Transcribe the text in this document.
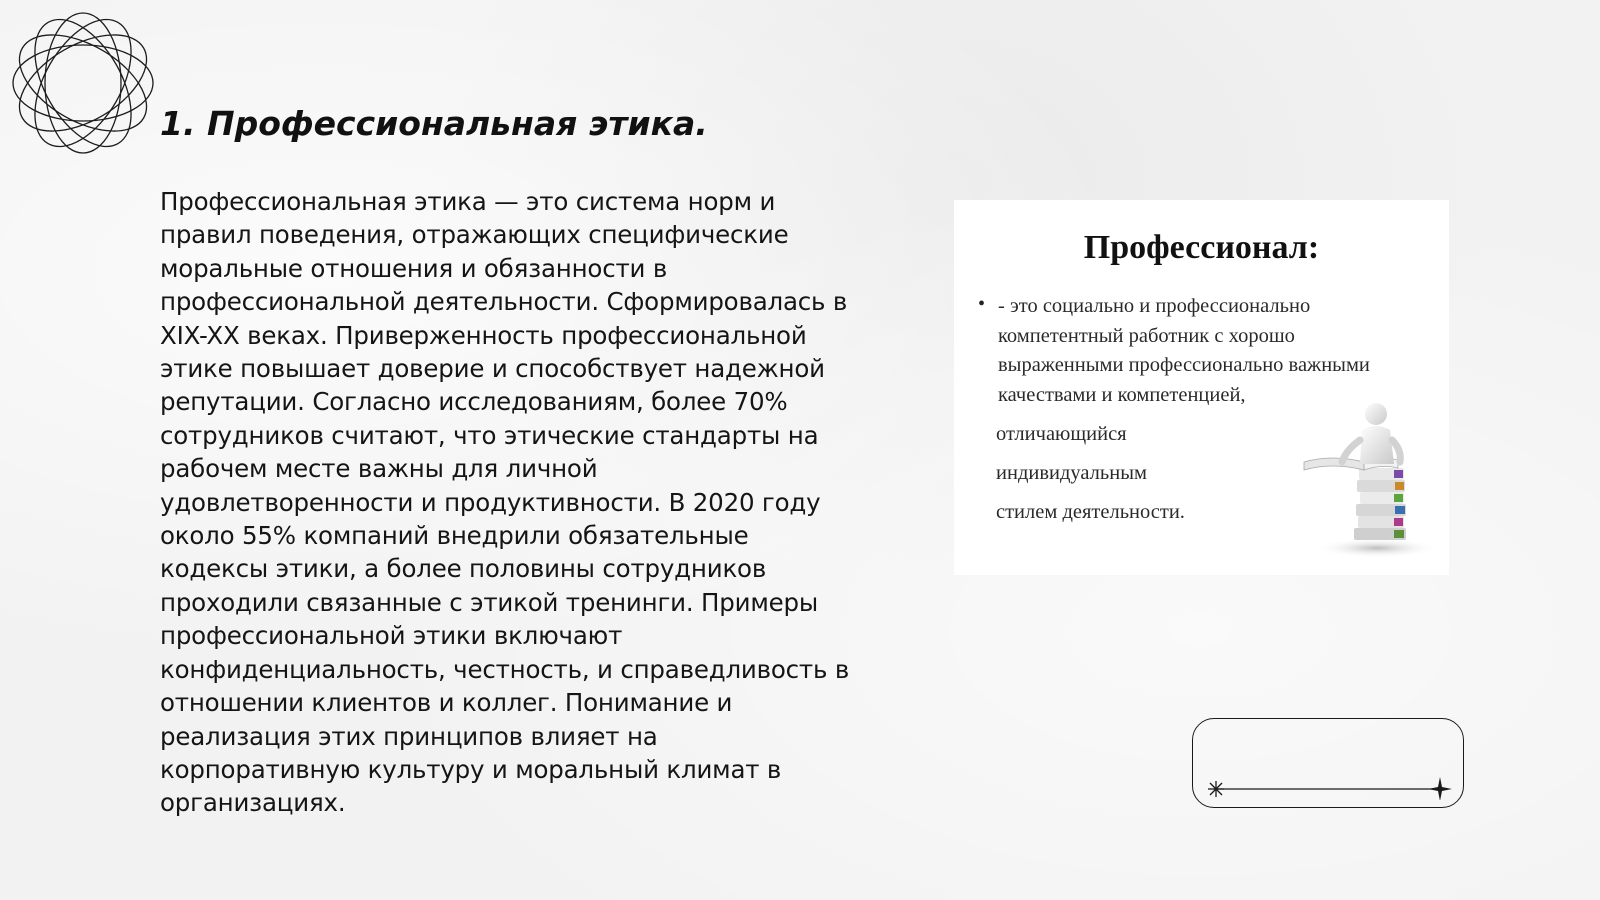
1. Профессиональная этика.

Профессиональная этика — это система норм и правил поведения, отражающих специфические моральные отношения и обязанности в профессиональной деятельности. Сформировалась в XIX-XX веках. Приверженность профессиональной этике повышает доверие и способствует надежной репутации. Согласно исследованиям, более 70% сотрудников считают, что этические стандарты на рабочем месте важны для личной удовлетворенности и продуктивности. В 2020 году около 55% компаний внедрили обязательные кодексы этики, а более половины сотрудников проходили связанные с этикой тренинги. Примеры профессиональной этики включают конфиденциальность, честность, и справедливость в отношении клиентов и коллег. Понимание и реализация этих принципов влияет на корпоративную культуру и моральный климат в организациях.

Профессионал:
• - это социально и профессионально компетентный работник с хорошо выраженными профессионально важными качествами и компетенцией,

отличающийся

индивидуальным

стилем деятельности.
